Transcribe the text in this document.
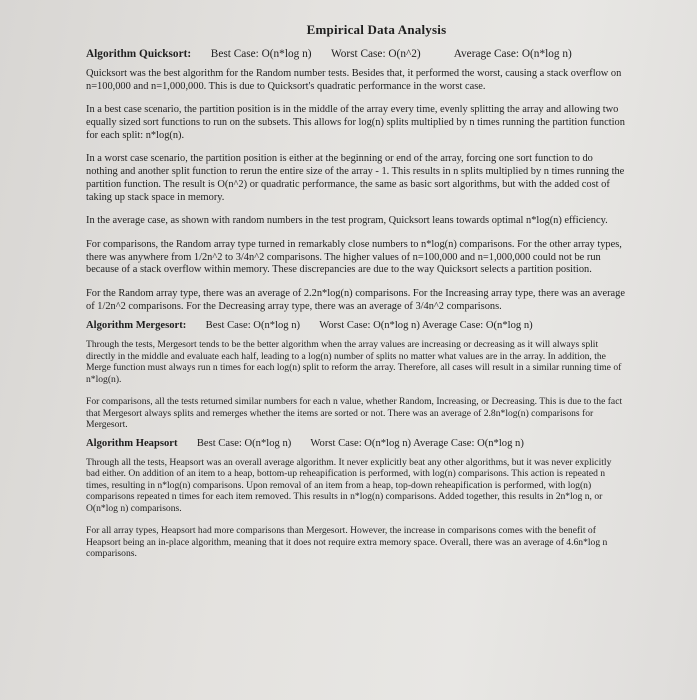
Empirical Data Analysis
Algorithm Quicksort: Best Case: O(n*log n) Worst Case: O(n^2)	Average Case: O(n*log n)

Quicksort was the best algorithm for the Random number tests. Besides that, it performed the worst, causing a stack overflow on n=100,000 and n=1,000,000. This is due to Quicksort's quadratic performance in the worst case.

In a best case scenario, the partition position is in the middle of the array every time, evenly splitting the array and allowing two equally sized sort functions to run on the subsets. This allows for log(n) splits multiplied by n times running the partition function for each split: n*log(n).

In a worst case scenario, the partition position is either at the beginning or end of the array, forcing one sort function to do nothing and another split function to rerun the entire size of the array - 1. This results in n splits multiplied by n times running the partition function. The result is O(n^2) or quadratic performance, the same as basic sort algorithms, but with the added cost of taking up stack space in memory.

In the average case, as shown with random numbers in the test program, Quicksort leans towards optimal n*log(n) efficiency.

For comparisons, the Random array type turned in remarkably close numbers to n*log(n) comparisons. For the other array types, there was anywhere from 1/2n^2 to 3/4n^2 comparisons. The higher values of n=100,000 and n=1,000,000 could not be run because of a stack overflow within memory. These discrepancies are due to the way Quicksort selects a partition position.

For the Random array type, there was an average of 2.2n*log(n) comparisons. For the Increasing array type, there was an average of 1/2n^2 comparisons. For the Decreasing array type, there was an average of 3/4n^2 comparisons.

Algorithm Mergesort: Best Case: O(n*log n) Worst Case: O(n*log n) Average Case: O(n*log n)

Through the tests, Mergesort tends to be the better algorithm when the array values are increasing or decreasing as it will always split directly in the middle and evaluate each half, leading to a log(n) number of splits no matter what values are in the array. In addition, the Merge function must always run n times for each log(n) split to reform the array. Therefore, all cases will result in a similar running time of n*log(n).

For comparisons, all the tests returned similar numbers for each n value, whether Random, Increasing, or Decreasing. This is due to the fact that Mergesort always splits and remerges whether the items are sorted or not. There was an average of 2.8n*log(n) comparisons for Mergesort.

Algorithm Heapsort Best Case: O(n*log n) Worst Case: O(n*log n) Average Case: O(n*log n)

Through all the tests, Heapsort was an overall average algorithm. It never explicitly beat any other algorithms, but it was never explicitly bad either. On addition of an item to a heap, bottom-up reheapification is performed, with log(n) comparisons. This action is repeated n times, resulting in n*log(n) comparisons. Upon removal of an item from a heap, top-down reheapification is performed, with log(n) comparisons repeated n times for each item removed. This results in n*log(n) comparisons. Added together, this results in 2n*log n, or O(n*log n) comparisons.

For all array types, Heapsort had more comparisons than Mergesort. However, the increase in comparisons comes with the benefit of Heapsort being an in-place algorithm, meaning that it does not require extra memory space. Overall, there was an average of 4.6n*log n comparisons.
